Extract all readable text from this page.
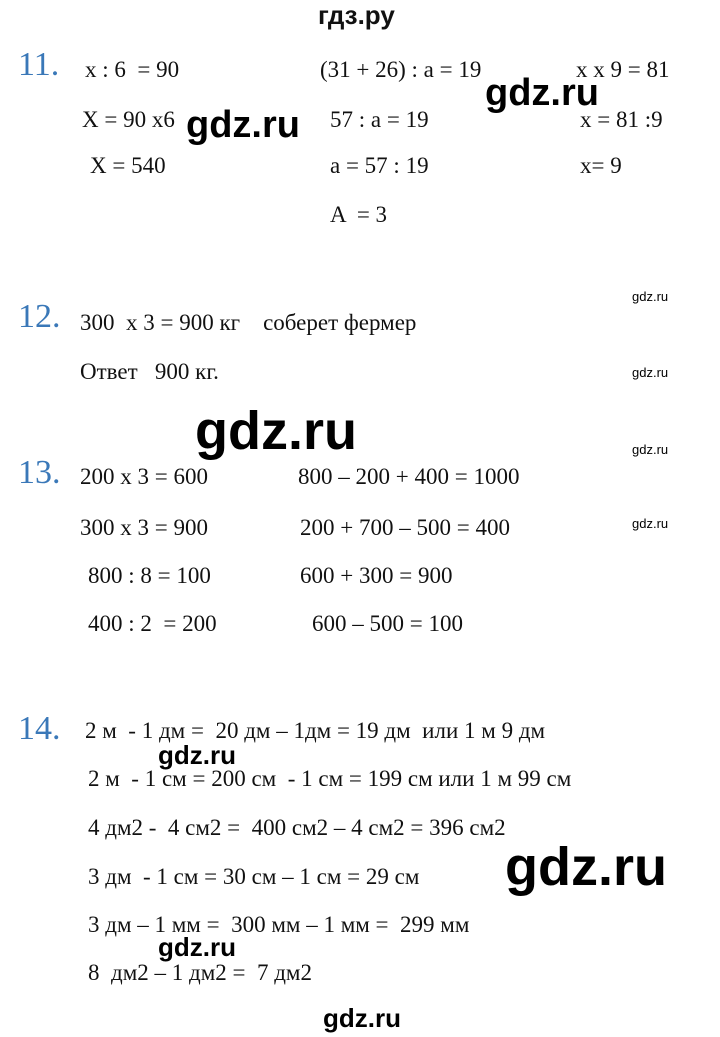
гдз.ру
11. x : 6  = 90
X = 90 x6
X = 540
(31 + 26) : a = 19
57 : a = 19
a = 57 : 19
A  = 3
x x 9 = 81
x = 81 :9
x= 9
12. 300  x 3 = 900 кг    соберет фермер
Ответ   900 кг.
13. 200 x 3 = 600
300 x 3 = 900
800 : 8 = 100
400 : 2  = 200
800 – 200 + 400 = 1000
200 + 700 – 500 = 400
600 + 300 = 900
600 – 500 = 100
14. 2 м  - 1 дм =  20 дм – 1дм = 19 дм  или 1 м 9 дм
2 м  - 1 см = 200 см  - 1 см = 199 см или 1 м 99 см
4 дм2 -  4 см2 =  400 см2 – 4 см2 = 396 см2
3 дм  - 1 см = 30 см – 1 см = 29 см
3 дм – 1 мм =  300 мм – 1 мм =  299 мм
8  дм2 – 1 дм2 =  7 дм2
gdz.ru
gdz.ru
gdz.ru
gdz.ru
gdz.ru	gdz.ru
gdz.ru
gdz.ru
gdz.ru
gdz.ru
gdz.ru
